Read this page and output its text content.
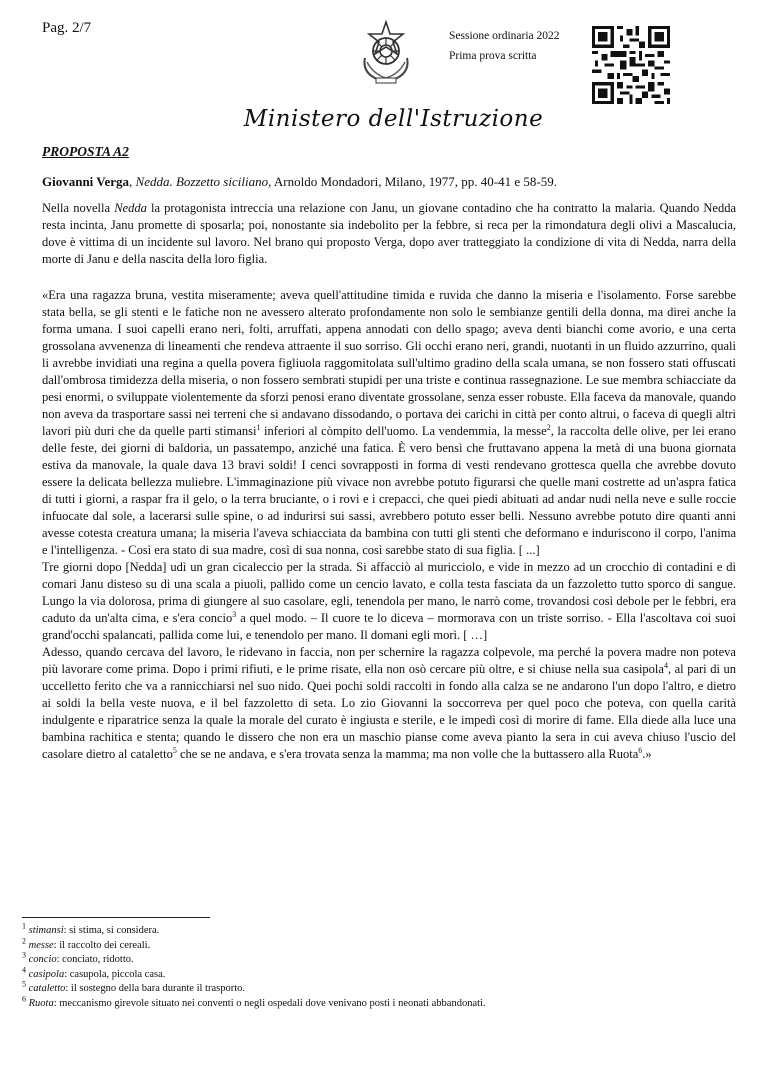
Pag. 2/7	Sessione ordinaria 2022
Prima prova scritta
Ministero dell'Istruzione
PROPOSTA A2
Giovanni Verga, Nedda. Bozzetto siciliano, Arnoldo Mondadori, Milano, 1977, pp. 40-41 e 58-59.

Nella novella Nedda la protagonista intreccia una relazione con Janu, un giovane contadino che ha contratto la malaria. Quando Nedda resta incinta, Janu promette di sposarla; poi, nonostante sia indebolito per la febbre, si reca per la rimondatura degli olivi a Mascalucia, dove è vittima di un incidente sul lavoro. Nel brano qui proposto Verga, dopo aver tratteggiato la condizione di vita di Nedda, narra della morte di Janu e della nascita della loro figlia.

«Era una ragazza bruna, vestita miseramente; aveva quell'attitudine timida e ruvida che danno la miseria e l'isolamento. Forse sarebbe stata bella, se gli stenti e le fatiche non ne avessero alterato profondamente non solo le sembianze gentili della donna, ma direi anche la forma umana. I suoi capelli erano neri, folti, arruffati, appena annodati con dello spago; aveva denti bianchi come avorio, e una certa grossolana avvenenza di lineamenti che rendeva attraente il suo sorriso. Gli occhi erano neri, grandi, nuotanti in un fluido azzurrino, quali li avrebbe invidiati una regina a quella povera figliuola raggomitolata sull'ultimo gradino della scala umana, se non fossero stati offuscati dall'ombrosa timidezza della miseria, o non fossero sembrati stupidi per una triste e continua rassegnazione. Le sue membra schiacciate da pesi enormi, o sviluppate violentemente da sforzi penosi erano diventate grossolane, senza esser robuste. Ella faceva da manovale, quando non aveva da trasportare sassi nei terreni che si andavano dissodando, o portava dei carichi in città per conto altrui, o faceva di quegli altri lavori più duri che da quelle parti stimansi$^1$ inferiori al còmpito dell'uomo. La vendemmia, la messe$^2$, la raccolta delle olive, per lei erano delle feste, dei giorni di baldoria, un passatempo, anziché una fatica. È vero bensì che fruttavano appena la metà di una buona giornata estiva da manovale, la quale dava 13 bravi soldi! I cenci sovrapposti in forma di vesti rendevano grottesca quella che avrebbe dovuto essere la delicata bellezza muliebre. L'immaginazione più vivace non avrebbe potuto figurarsi che quelle mani costrette ad un'aspra fatica di tutti i giorni, a raspar fra il gelo, o la terra bruciante, o i rovi e i crepacci, che quei piedi abituati ad andar nudi nella neve e sulle roccie infuocate dal sole, a lacerarsi sulle spine, o ad indurirsi sui sassi, avrebbero potuto esser belli. Nessuno avrebbe potuto dire quanti anni avesse cotesta creatura umana; la miseria l'aveva schiacciata da bambina con tutti gli stenti che deformano e induriscono il corpo, l'anima e l'intelligenza. - Così era stato di sua madre, così di sua nonna, così sarebbe stato di sua figlia. [ ...]

Tre giorni dopo [Nedda] udì un gran cicaleccio per la strada. Si affacciò al muricciolo, e vide in mezzo ad un crocchio di contadini e di comari Janu disteso su di una scala a piuoli, pallido come un cencio lavato, e colla testa fasciata da un fazzoletto tutto sporco di sangue. Lungo la via dolorosa, prima di giungere al suo casolare, egli, tenendola per mano, le narrò come, trovandosi così debole per le febbri, era caduto da un'alta cima, e s'era concio$^3$ a quel modo. – Il cuore te lo diceva – mormorava con un triste sorriso. - Ella l'ascoltava coi suoi grand'occhi spalancati, pallida come lui, e tenendolo per mano. Il domani egli morì. [ …]

Adesso, quando cercava del lavoro, le ridevano in faccia, non per schernire la ragazza colpevole, ma perché la povera madre non poteva più lavorare come prima. Dopo i primi rifiuti, e le prime risate, ella non osò cercare più oltre, e si chiuse nella sua casipola$^4$, al pari di un uccelletto ferito che va a rannicchiarsi nel suo nido. Quei pochi soldi raccolti in fondo alla calza se ne andarono l'un dopo l'altro, e dietro ai soldi la bella veste nuova, e il bel fazzoletto di seta. Lo zio Giovanni la soccorreva per quel poco che poteva, con quella carità indulgente e riparatrice senza la quale la morale del curato è ingiusta e sterile, e le impedì così di morire di fame. Ella diede alla luce una bambina rachitica e stenta; quando le dissero che non era un maschio pianse come aveva pianto la sera in cui aveva chiuso l'uscio del casolare dietro al cataletto$^5$ che se ne andava, e s'era trovata senza la mamma; ma non volle che la buttassero alla Ruota$^6$.»

$^1$ stimansi: si stima, si considera.
$^2$ messe: il raccolto dei cereali.
$^3$ concio: conciato, ridotto.
$^4$ casipola: casupola, piccola casa.
$^5$ cataletto: il sostegno della bara durante il trasporto.
$^6$ Ruota: meccanismo girevole situato nei conventi o negli ospedali dove venivano posti i neonati abbandonati.
